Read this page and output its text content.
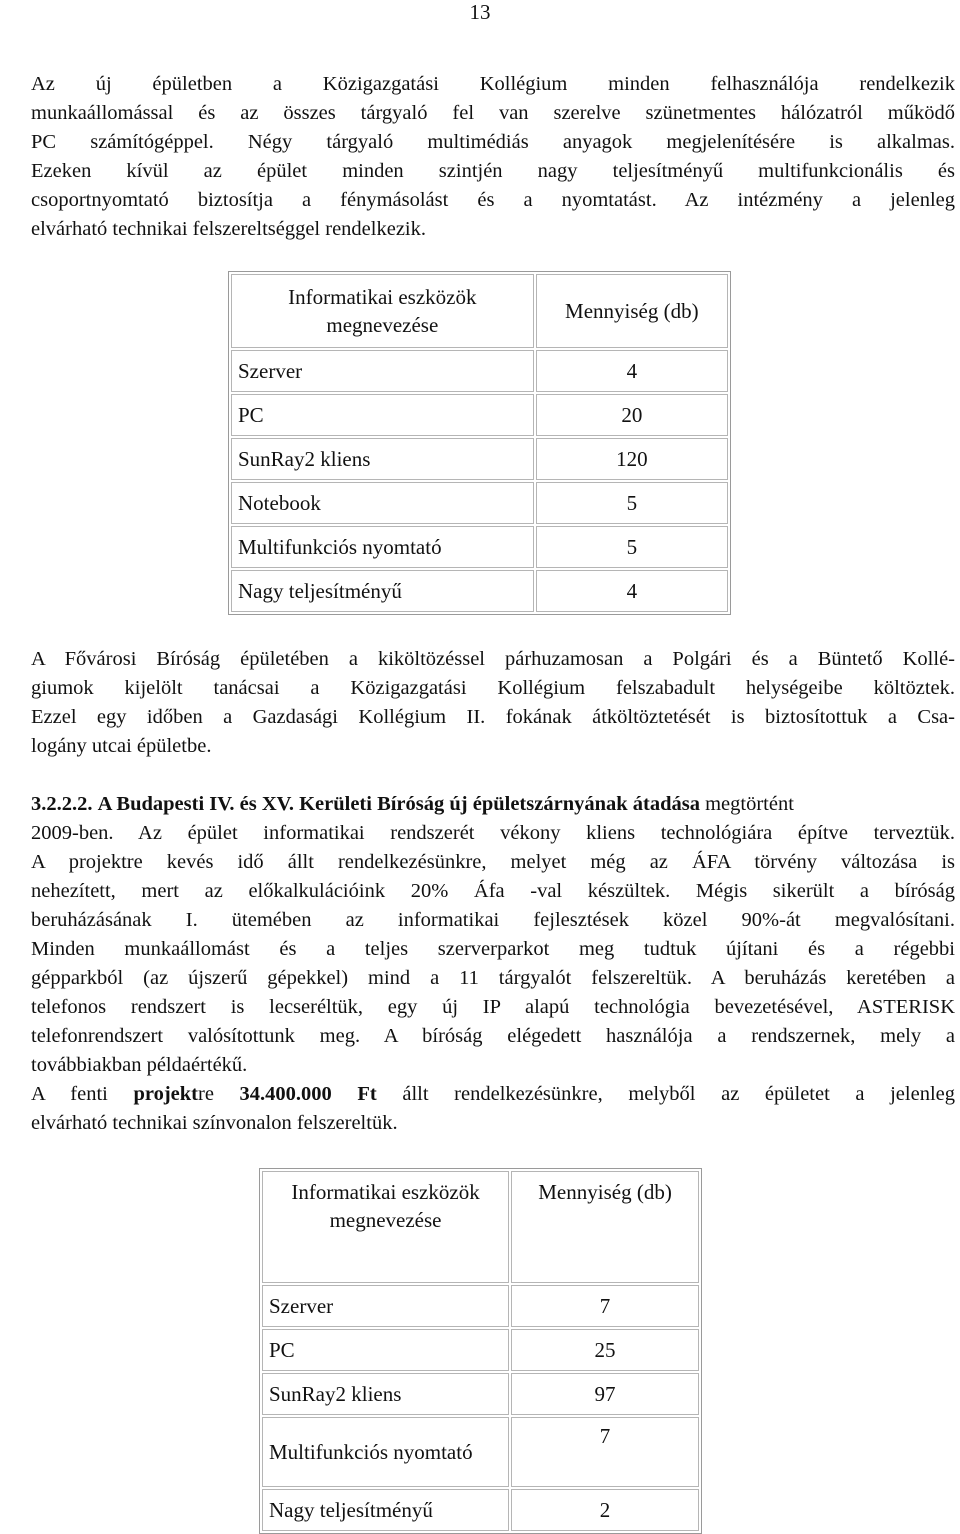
13
Az új épületben a Közigazgatási Kollégium minden felhasználója rendelkezik
munkaállomással és az összes tárgyaló fel van szerelve szünetmentes hálózatról működő
PC számítógéppel. Négy tárgyaló multimédiás anyagok megjelenítésére is alkalmas.
Ezeken kívül az épület minden szintjén nagy teljesítményű multifunkcionális és
csoportnyomtató biztosítja a fénymásolást és a nyomtatást. Az intézmény a jelenleg
elvárható technikai felszereltséggel rendelkezik.
Informatikai eszközök megnevezése	Mennyiség (db)
Szerver	4
PC	20
SunRay2 kliens	120
Notebook	5
Multifunkciós nyomtató	5
Nagy teljesítményű	4
A Fővárosi Bíróság épületében a kiköltözéssel párhuzamosan a Polgári és a Büntető Kollé-
giumok kijelölt tanácsai a Közigazgatási Kollégium felszabadult helységeibe költöztek.
Ezzel egy időben a Gazdasági Kollégium II. fokának átköltöztetését is biztosítottuk a Csa-
logány utcai épületbe.
3.2.2.2. A Budapesti IV. és XV. Kerületi Bíróság új épületszárnyának átadása megtörtént
2009-ben. Az épület informatikai rendszerét vékony kliens technológiára építve terveztük.
A projektre kevés idő állt rendelkezésünkre, melyet még az ÁFA törvény változása is
nehezített, mert az előkalkulációink 20% Áfa -val készültek. Mégis sikerült a bíróság
beruházásának I. ütemében az informatikai fejlesztések közel 90%-át megvalósítani.
Minden munkaállomást és a teljes szerverparkot meg tudtuk újítani és a régebbi
gépparkból (az újszerű gépekkel) mind a 11 tárgyalót felszereltük. A beruházás keretében a
telefonos rendszert is lecseréltük, egy új IP alapú technológia bevezetésével, ASTERISK
telefonrendszert valósítottunk meg. A bíróság elégedett használója a rendszernek, mely a
továbbiakban példaértékű.
A fenti projektre 34.400.000 Ft állt rendelkezésünkre, melyből az épületet a jelenleg
elvárható technikai színvonalon felszereltük.
Informatikai eszközök megnevezése	Mennyiség (db)
Szerver	7
PC	25
SunRay2 kliens	97
Multifunkciós nyomtató	7
Nagy teljesítményű	2
